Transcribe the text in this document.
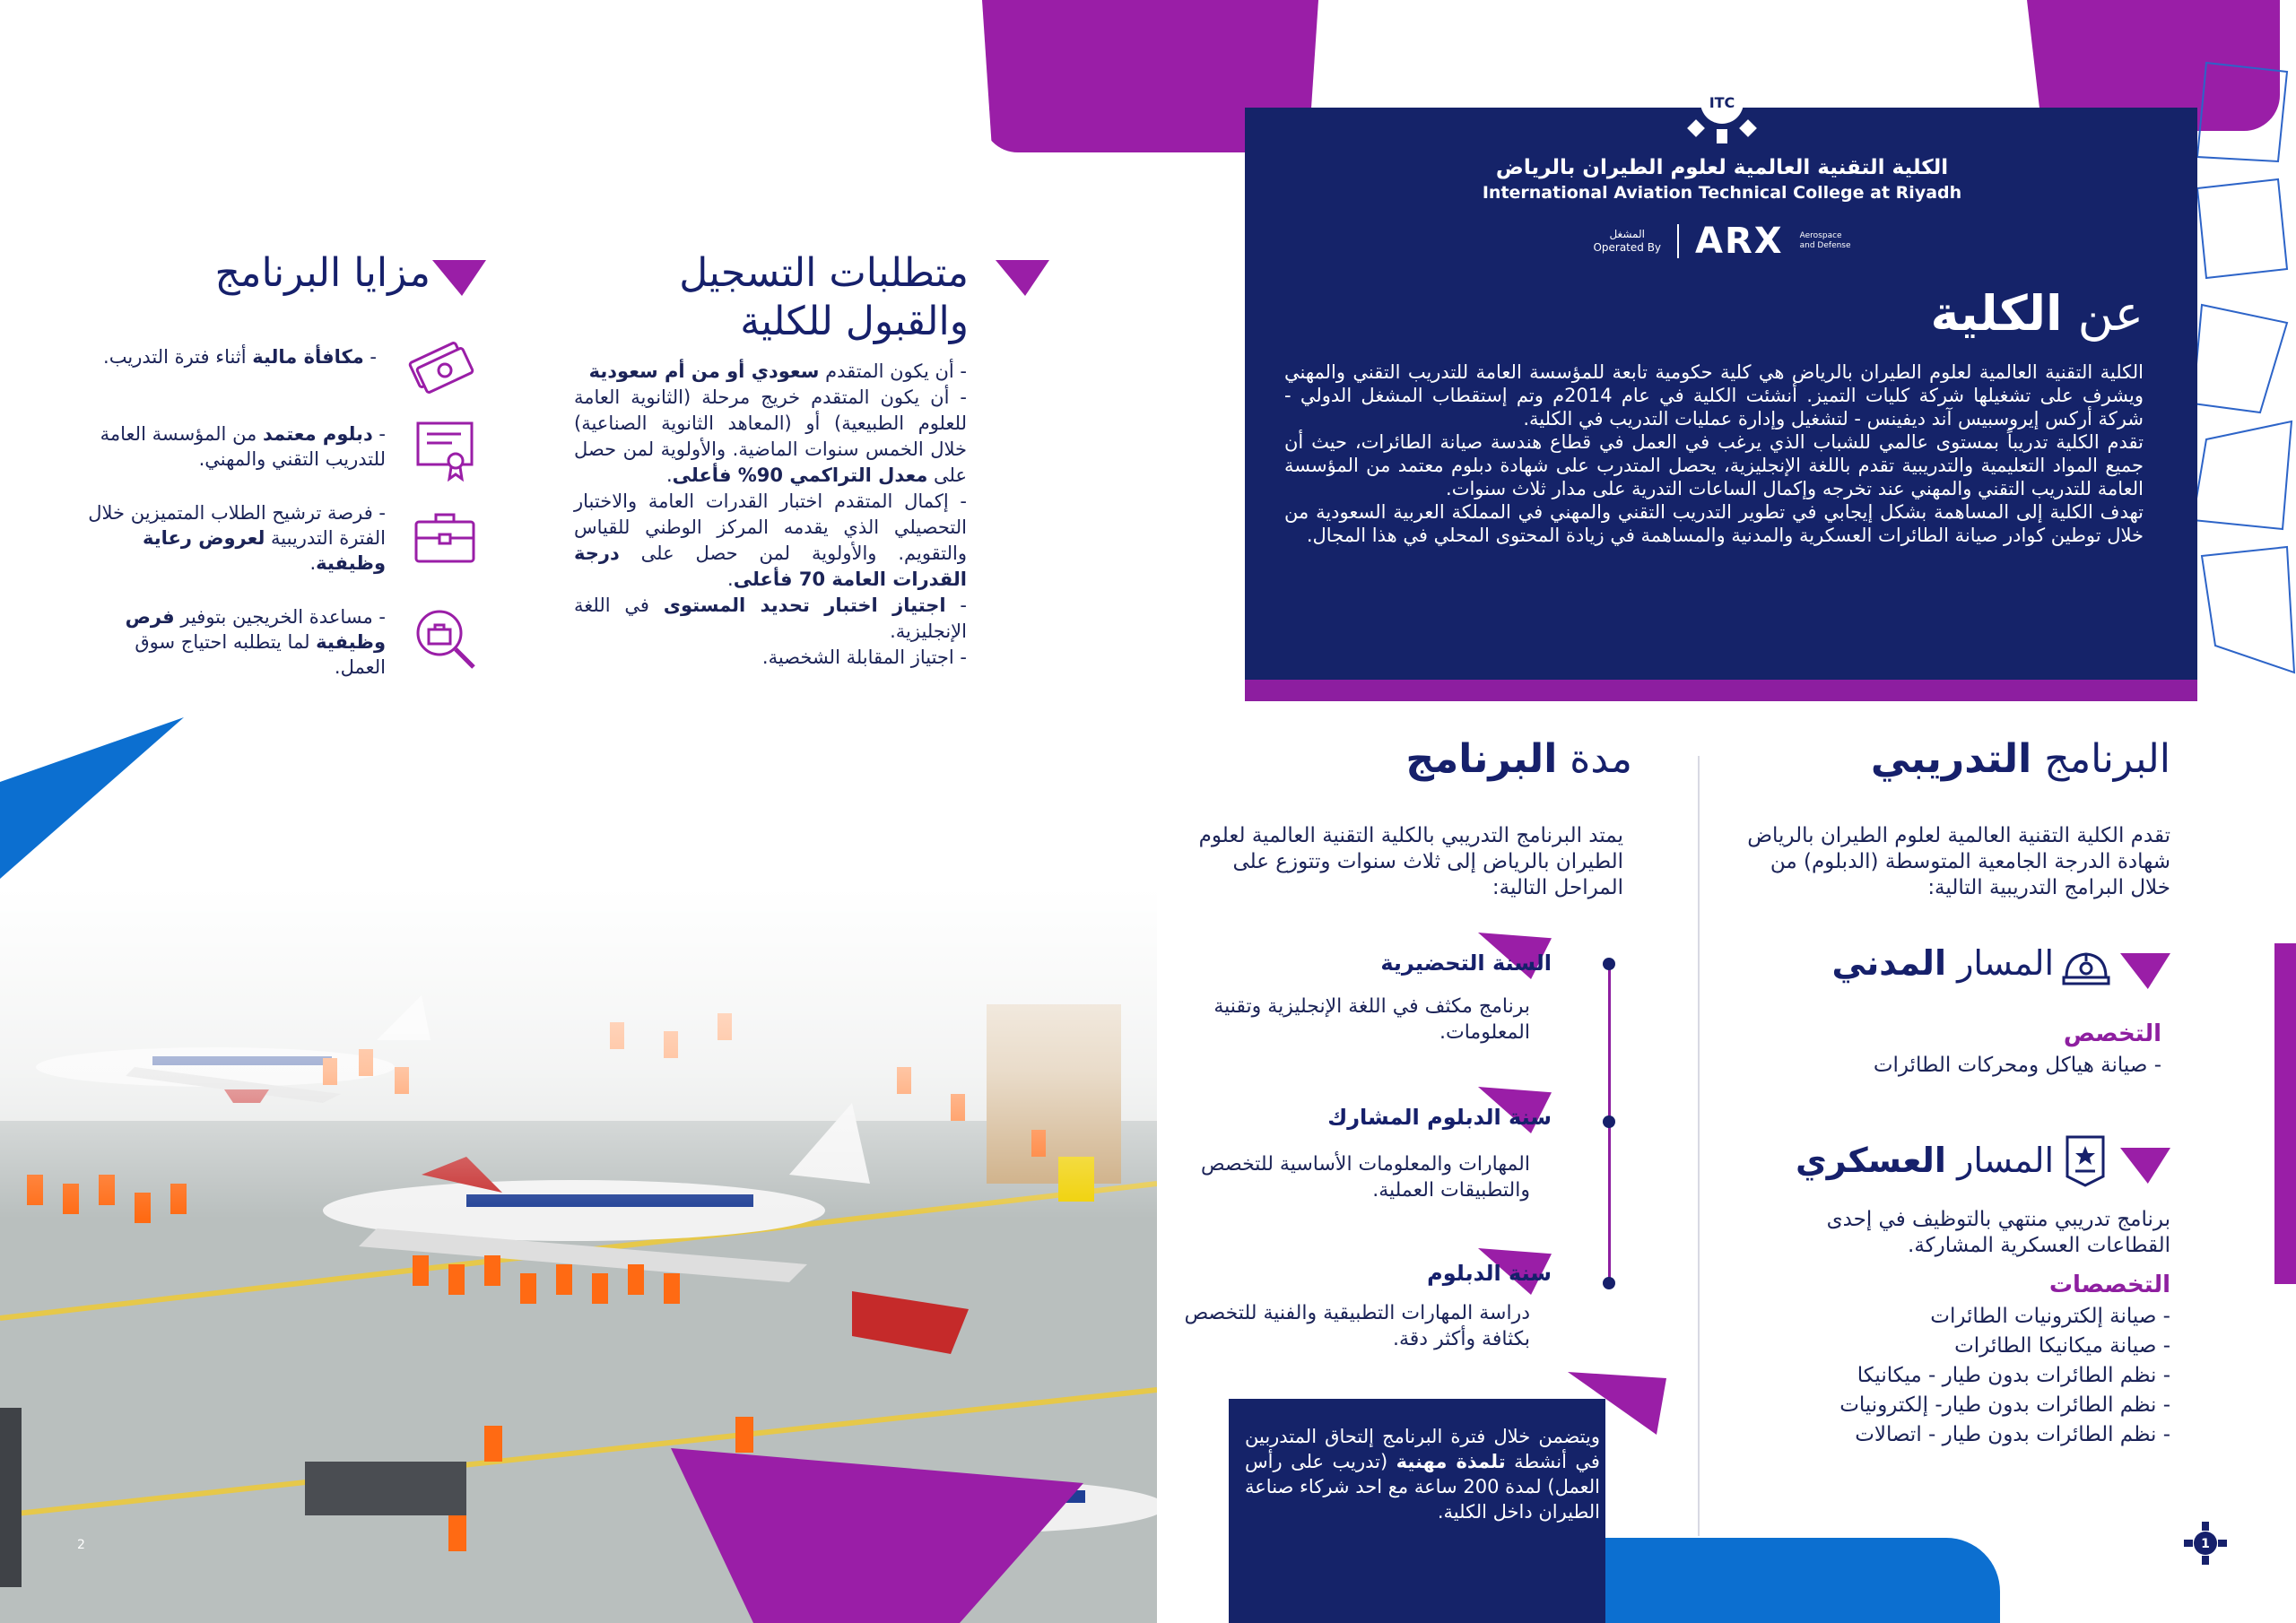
ITC
الكلية التقنية العالمية لعلوم الطيران بالرياض
International Aviation Technical College at Riyadh
المشغل
Operated By ARX Aerospace
and Defense
عن الكلية

الكلية التقنية العالمية لعلوم الطيران بالرياض هي كلية حكومية تابعة للمؤسسة العامة للتدريب التقني والمهني ويشرف على تشغيلها شركة كليات التميز. أنشئت الكلية في عام 2014م وتم إستقطاب المشغل الدولي - شركة أركس إيروسبيس آند ديفينس - لتشغيل وإدارة عمليات التدريب في الكلية.

تقدم الكلية تدريباً بمستوى عالمي للشباب الذي يرغب في العمل في قطاع هندسة صيانة الطائرات، حيث أن جميع المواد التعليمية والتدريبية تقدم باللغة الإنجليزية، يحصل المتدرب على شهادة دبلوم معتمد من المؤسسة العامة للتدريب التقني والمهني عند تخرجه وإكمال الساعات التدرية على مدار ثلاث سنوات.

تهدف الكلية إلى المساهمة بشكل إيجابي في تطوير التدريب التقني والمهني في المملكة العربية السعودية من خلال توطين كوادر صيانة الطائرات العسكرية والمدنية والمساهمة في زيادة المحتوى المحلي في هذا المجال.

البرنامج التدريبي
تقدم الكلية التقنية العالمية لعلوم الطيران بالرياض شهادة الدرجة الجامعية المتوسطة (الدبلوم) من خلال البرامج التدريبية التالية:
المسار المدني
التخصص
- صيانة هياكل ومحركات الطائرات
المسار العسكري
برنامج تدريبي منتهي بالتوظيف في إحدى القطاعات العسكرية المشاركة.
التخصصات
- صيانة إلكترونيات الطائرات
- صيانة ميكانيكا الطائرات
- نظم الطائرات بدون طيار - ميكانيكا
- نظم الطائرات بدون طيار- إلكترونيات
- نظم الطائرات بدون طيار - اتصالات
1
مدة البرنامج
يمتد البرنامج التدريبي بالكلية التقنية العالمية لعلوم الطيران بالرياض إلى ثلاث سنوات وتتوزع على المراحل التالية:
السنة التحضيرية
برنامج مكثف في اللغة الإنجليزية وتقنية المعلومات.
سنة الدبلوم المشارك
المهارات والمعلومات الأساسية للتخصص والتطبيقات العملية.
سنة الدبلوم
دراسة المهارات التطبيقية والفنية للتخصص بكثافة وأكثر دقة.
ويتضمن خلال فترة البرنامج إلتحاق المتدربين في أنشطة تلمذة مهنية (تدريب على رأس العمل) لمدة 200 ساعة مع احد شركاء صناعة الطيران داخل الكلية.
متطلبات التسجيل
والقبول للكلية
- أن يكون المتقدم سعودي أو من أم سعودية
- أن يكون المتقدم خريج مرحلة (الثانوية العامة للعلوم الطبيعية) أو (المعاهد الثانوية الصناعية) خلال الخمس سنوات الماضية. والأولوية لمن حصل على معدل التراكمي 90% فأعلى.
- إكمال المتقدم اختبار القدرات العامة والاختبار التحصيلي الذي يقدمه المركز الوطني للقياس والتقويم. والأولوية لمن حصل على درجة القدرات العامة 70 فأعلى.
- اجتياز اختبار تحديد المستوى في اللغة الإنجليزية.
- اجتياز المقابلة الشخصية.
مزايا البرنامج
- مكافأة مالية أثناء فترة التدريب.
- دبلوم معتمد من المؤسسة العامة للتدريب التقني والمهني.
- فرصة ترشيح الطلاب المتميزين خلال الفترة التدريبية لعروض رعاية وظيفية.
- مساعدة الخريجين بتوفير فرص وظيفية لما يتطلبه احتياج سوق العمل.
2
